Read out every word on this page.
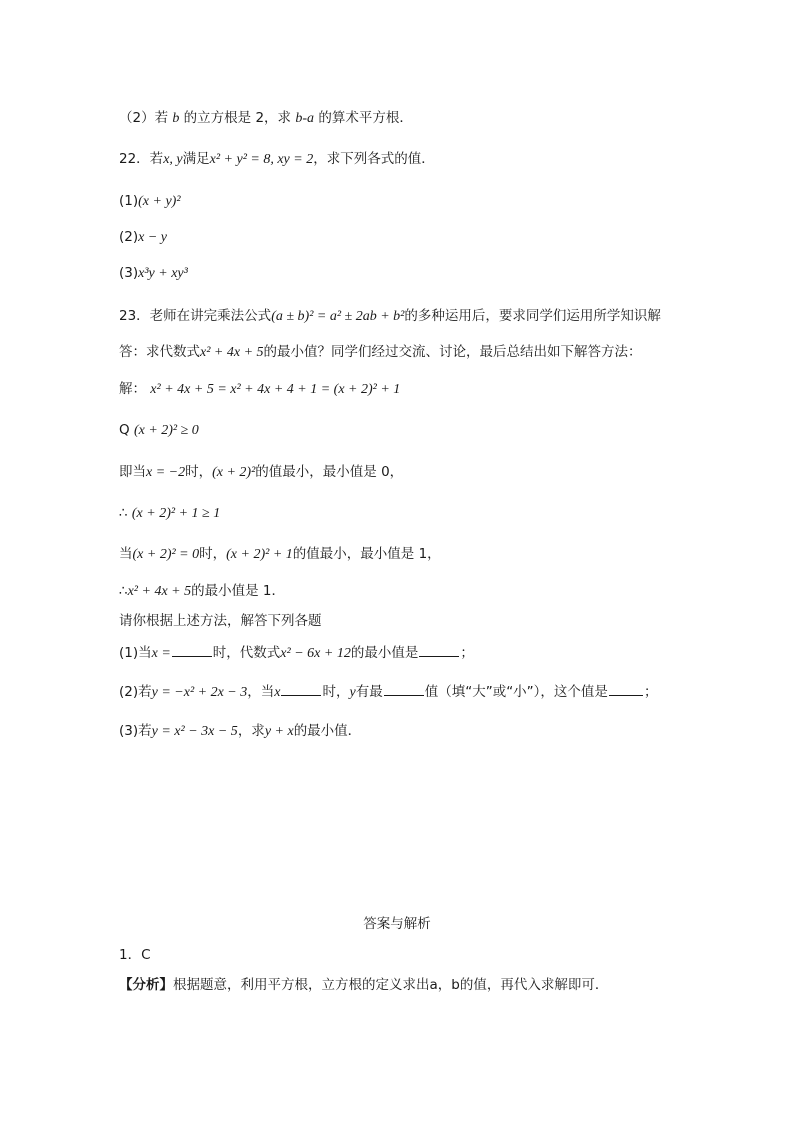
（2）若 b 的立方根是 2，求 b-a 的算术平方根．
22．若x, y满足x² + y² = 8, xy = 2，求下列各式的值．
(1)(x + y)²
(2)x − y
(3)x³y + xy³
23．老师在讲完乘法公式(a ± b)² = a² ± 2ab + b²的多种运用后，要求同学们运用所学知识解
答：求代数式x² + 4x + 5的最小值？同学们经过交流、讨论，最后总结出如下解答方法：
解： x² + 4x + 5 = x² + 4x + 4 + 1 = (x + 2)² + 1
Q (x + 2)² ≥ 0
即当x = −2时，(x + 2)²的值最小，最小值是 0，
∴ (x + 2)² + 1 ≥ 1
当(x + 2)² = 0时，(x + 2)² + 1的值最小，最小值是 1，
∴x² + 4x + 5的最小值是 1．
请你根据上述方法，解答下列各题
(1)当x =	时，代数式x² − 6x + 12的最小值是	；
(2)若y = −x² + 2x − 3，当x	时，y有最	值（填“大”或“小”），这个值是	；
(3)若y = x² − 3x − 5，求y + x的最小值．
答案与解析
1．C
【分析】根据题意，利用平方根，立方根的定义求出a，b的值，再代入求解即可．
